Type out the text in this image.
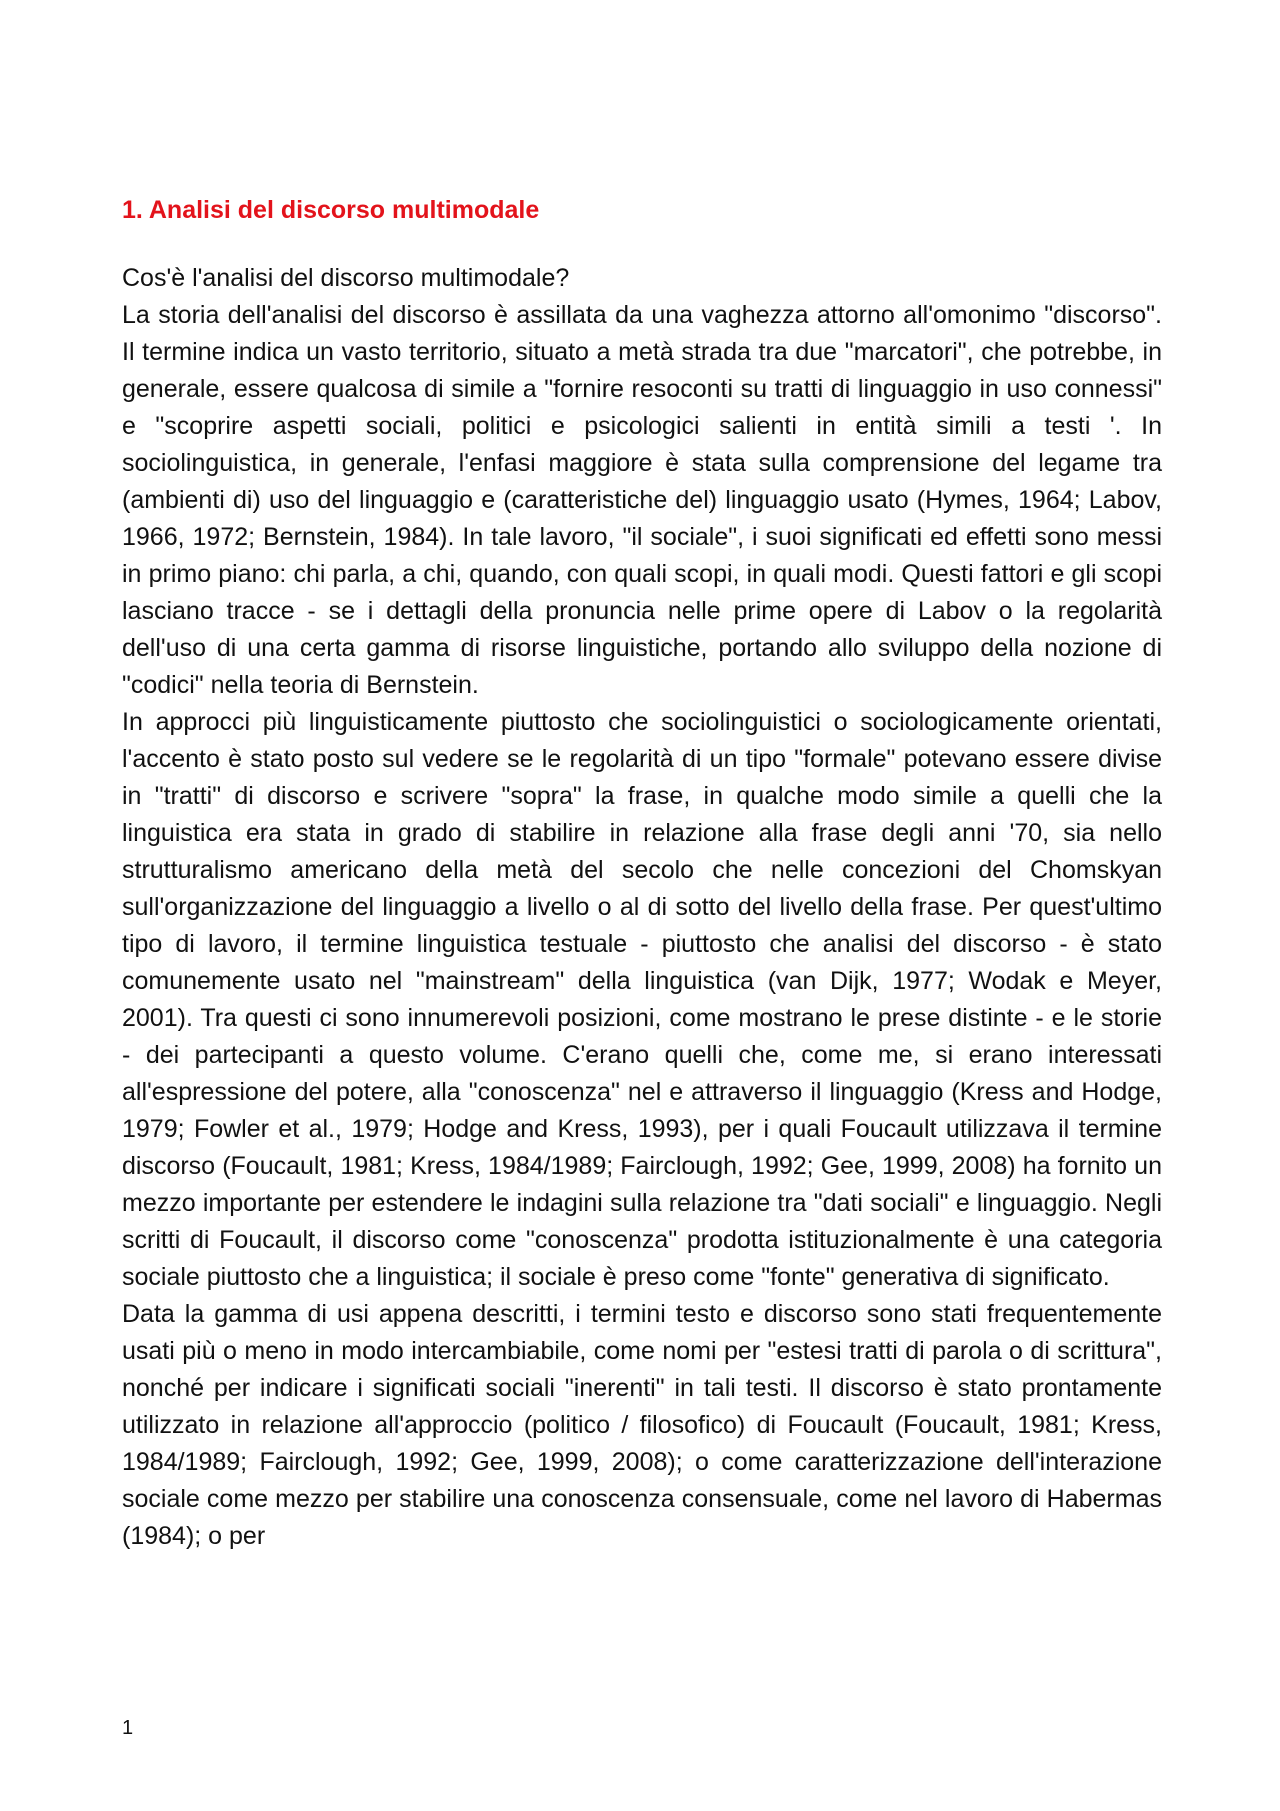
1. Analisi del discorso multimodale

Cos'è l'analisi del discorso multimodale?

La storia dell'analisi del discorso è assillata da una vaghezza attorno all'omonimo "discorso". Il termine indica un vasto territorio, situato a metà strada tra due "marcatori", che potrebbe, in generale, essere qualcosa di simile a "fornire resoconti su tratti di linguaggio in uso connessi" e "scoprire aspetti sociali, politici e psicologici salienti in entità simili a testi '. In sociolinguistica, in generale, l'enfasi maggiore è stata sulla comprensione del legame tra (ambienti di) uso del linguaggio e (caratteristiche del) linguaggio usato (Hymes, 1964; Labov, 1966, 1972; Bernstein, 1984). In tale lavoro, "il sociale", i suoi significati ed effetti sono messi in primo piano: chi parla, a chi, quando, con quali scopi, in quali modi. Questi fattori e gli scopi lasciano tracce - se i dettagli della pronuncia nelle prime opere di Labov o la regolarità dell'uso di una certa gamma di risorse linguistiche, portando allo sviluppo della nozione di "codici" nella teoria di Bernstein.

In approcci più linguisticamente piuttosto che sociolinguistici o sociologicamente orientati, l'accento è stato posto sul vedere se le regolarità di un tipo "formale" potevano essere divise in "tratti" di discorso e scrivere "sopra" la frase, in qualche modo simile a quelli che la linguistica era stata in grado di stabilire in relazione alla frase degli anni '70, sia nello strutturalismo americano della metà del secolo che nelle concezioni del Chomskyan sull'organizzazione del linguaggio a livello o al di sotto del livello della frase. Per quest'ultimo tipo di lavoro, il termine linguistica testuale - piuttosto che analisi del discorso - è stato comunemente usato nel "mainstream" della linguistica (van Dijk, 1977; Wodak e Meyer, 2001). Tra questi ci sono innumerevoli posizioni, come mostrano le prese distinte - e le storie - dei partecipanti a questo volume. C'erano quelli che, come me, si erano interessati all'espressione del potere, alla "conoscenza" nel e attraverso il linguaggio (Kress and Hodge, 1979; Fowler et al., 1979; Hodge and Kress, 1993), per i quali Foucault utilizzava il termine discorso (Foucault, 1981; Kress, 1984/1989; Fairclough, 1992; Gee, 1999, 2008) ha fornito un mezzo importante per estendere le indagini sulla relazione tra "dati sociali" e linguaggio. Negli scritti di Foucault, il discorso come "conoscenza" prodotta istituzionalmente è una categoria sociale piuttosto che a linguistica; il sociale è preso come "fonte" generativa di significato.

Data la gamma di usi appena descritti, i termini testo e discorso sono stati frequentemente usati più o meno in modo intercambiabile, come nomi per "estesi tratti di parola o di scrittura", nonché per indicare i significati sociali "inerenti" in tali testi. Il discorso è stato prontamente utilizzato in relazione all'approccio (politico / filosofico) di Foucault (Foucault, 1981; Kress, 1984/1989; Fairclough, 1992; Gee, 1999, 2008); o come caratterizzazione dell'interazione sociale come mezzo per stabilire una conoscenza consensuale, come nel lavoro di Habermas (1984); o per

1
